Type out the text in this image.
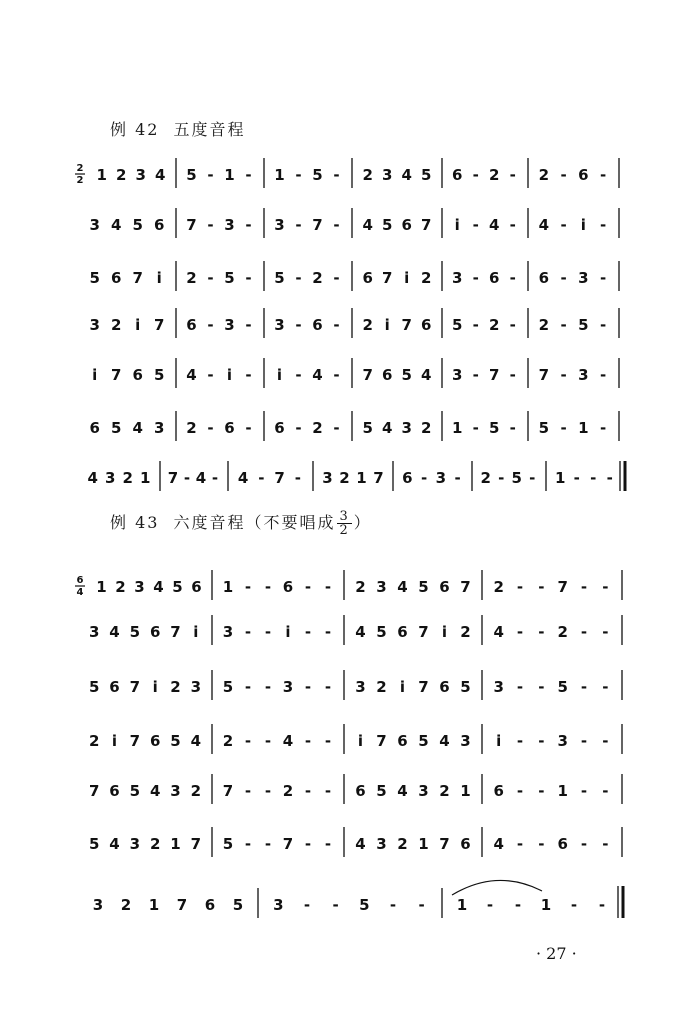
例 42 五度音程
例 43 六度音程（不要唱成 $\frac{3}{2}$ ）
2
2 1 2 3 4 5 - 1 - 1 - 5 - 2 3 4 5 6 - 2 - 2 - 6 -
3 4 5 6 7 - 3 - 3 - 7 - 4 5 6 7 i - 4 - 4 - i -
5 6 7 i 2 - 5 - 5 - 2 - 6 7 i 2 3 - 6 - 6 - 3 -
3 2 i 7 6 - 3 - 3 - 6 - 2 i 7 6 5 - 2 - 2 - 5 -
i 7 6 5 4 - i - i - 4 - 7 6 5 4 3 - 7 - 7 - 3 -
6 5 4 3 2 - 6 - 6 - 2 - 5 4 3 2 1 - 5 - 5 - 1 -
4 3 2 1 7 - 4 - 4 - 7 - 3 2 1 7 6 - 3 - 2 - 5 - 1 - - -
6
4 1 2 3 4 5 6 1 - - 6 - - 2 3 4 5 6 7 2 - - 7 - -
3 4 5 6 7 i 3 - - i - - 4 5 6 7 i 2 4 - - 2 - -
5 6 7 i 2 3 5 - - 3 - - 3 2 i 7 6 5 3 - - 5 - -
2 i 7 6 5 4 2 - - 4 - - i 7 6 5 4 3 i - - 3 - -
7 6 5 4 3 2 7 - - 2 - - 6 5 4 3 2 1 6 - - 1 - -
5 4 3 2 1 7 5 - - 7 - - 4 3 2 1 7 6 4 - - 6 - -
3 2 1 7 6 5 3 - - 5 - - 1 - - 1 - -
· 27 ·
